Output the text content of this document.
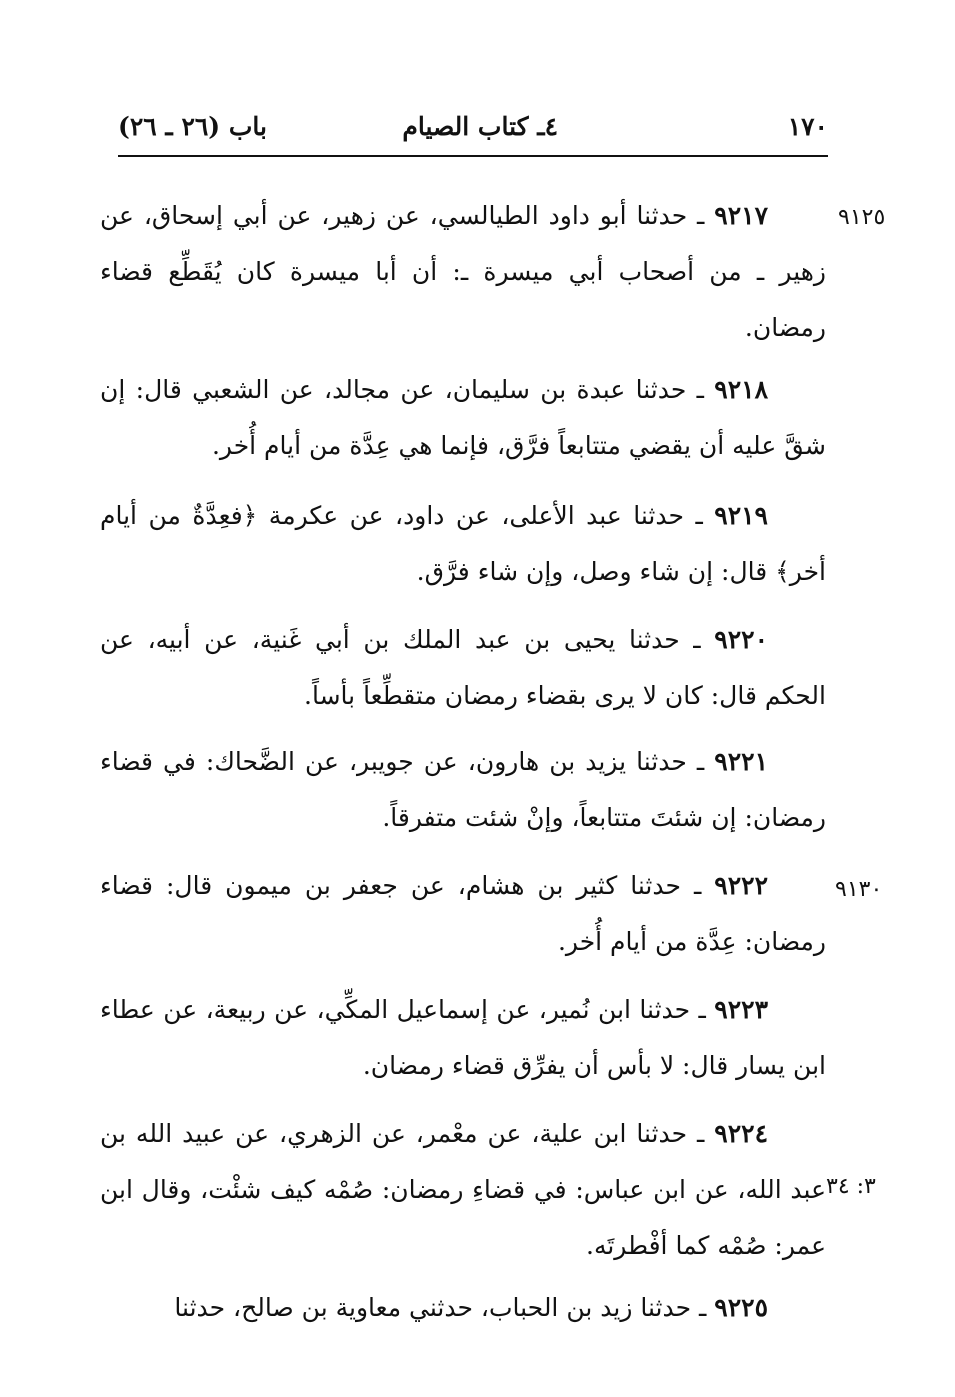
١٧٠
٤ـ كتاب الصيام
باب (٢٦ ـ ٢٦)
٩١٢٥
٩١٣٠
٣: ٣٤
٩٢١٧ ـ حدثنا أبو داود الطيالسي، عن زهير، عن أبي إسحاق، عن زهير ـ من أصحاب أبي ميسرة ـ: أن أبا ميسرة كان يُقَطِّع قضاء رمضان.
٩٢١٨ ـ حدثنا عبدة بن سليمان، عن مجالد، عن الشعبي قال: إن شقَّ عليه أن يقضي متتابعاً فرَّق، فإنما هي عِدَّة من أيام أُخر.
٩٢١٩ ـ حدثنا عبد الأعلى، عن داود، عن عكرمة ﴿فعِدَّةٌ من أيام أخر﴾ قال: إن شاء وصل، وإن شاء فرَّق.
٩٢٢٠ ـ حدثنا يحيى بن عبد الملك بن أبي غَنية، عن أبيه، عن الحكم قال: كان لا يرى بقضاء رمضان متقطِّعاً بأساً.
٩٢٢١ ـ حدثنا يزيد بن هارون، عن جويبر، عن الضَّحاك: في قضاء رمضان: إن شئتَ متتابعاً، وإنْ شئت متفرقاً.
٩٢٢٢ ـ حدثنا كثير بن هشام، عن جعفر بن ميمون قال: قضاء رمضان: عِدَّة من أيام أُخر.
٩٢٢٣ ـ حدثنا ابن نُمير، عن إسماعيل المكِّي، عن ربيعة، عن عطاء ابن يسار قال: لا بأس أن يفرِّق قضاء رمضان.
٩٢٢٤ ـ حدثنا ابن علية، عن معْمر، عن الزهري، عن عبيد الله بن عبد الله، عن ابن عباس: في قضاءِ رمضان: صُمْه كيف شئْت، وقال ابن عمر: صُمْه كما أفْطرتَه.
٩٢٢٥ ـ حدثنا زيد بن الحباب، حدثني معاوية بن صالح، حدثنا
